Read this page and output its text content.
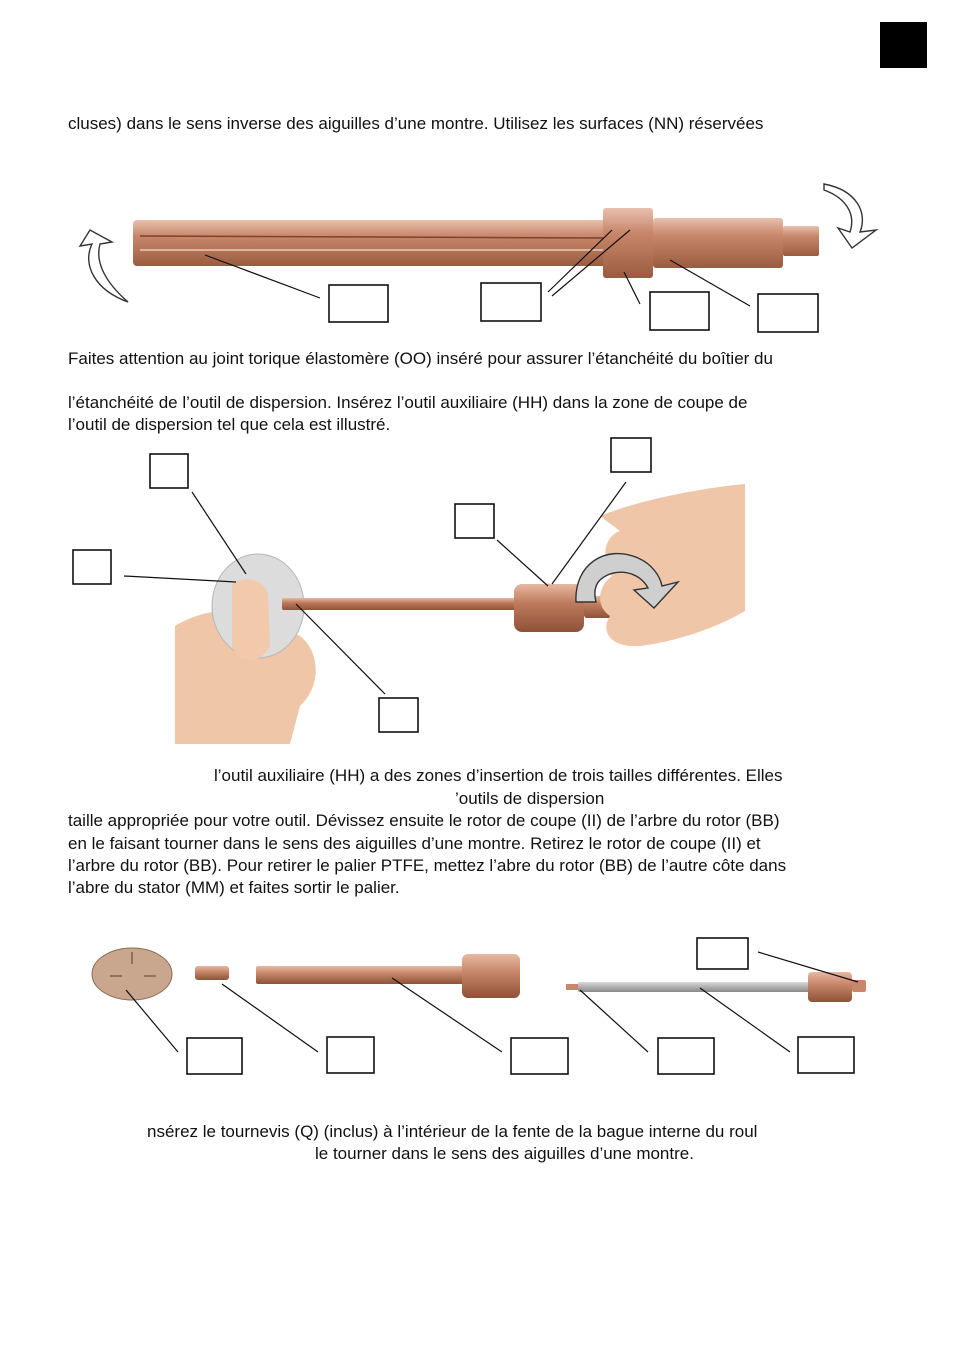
cluses) dans le sens inverse des aiguilles d’une montre. Utilisez les surfaces (NN) réservées
Faites attention au joint torique élastomère (OO) inséré pour assurer l’étanchéité du boîtier du
l’étanchéité de l’outil de dispersion. Insérez l’outil auxiliaire (HH) dans la zone de coupe de
l’outil de dispersion tel que cela est illustré.
l’outil auxiliaire (HH) a des zones d’insertion de trois tailles différentes. Elles
’outils de dispersion
taille appropriée pour votre outil. Dévissez ensuite le rotor de coupe (II) de l’arbre du rotor (BB)
en le faisant tourner dans le sens des aiguilles d’une montre. Retirez le rotor de coupe (II) et
l’arbre du rotor (BB). Pour retirer le palier PTFE, mettez l’abre du rotor (BB) de l’autre côte dans
l’abre du stator (MM) et faites sortir le palier.
nsérez le tournevis (Q) (inclus) à l’intérieur de la fente de la bague interne du roul
le tourner dans le sens des aiguilles d’une montre.
